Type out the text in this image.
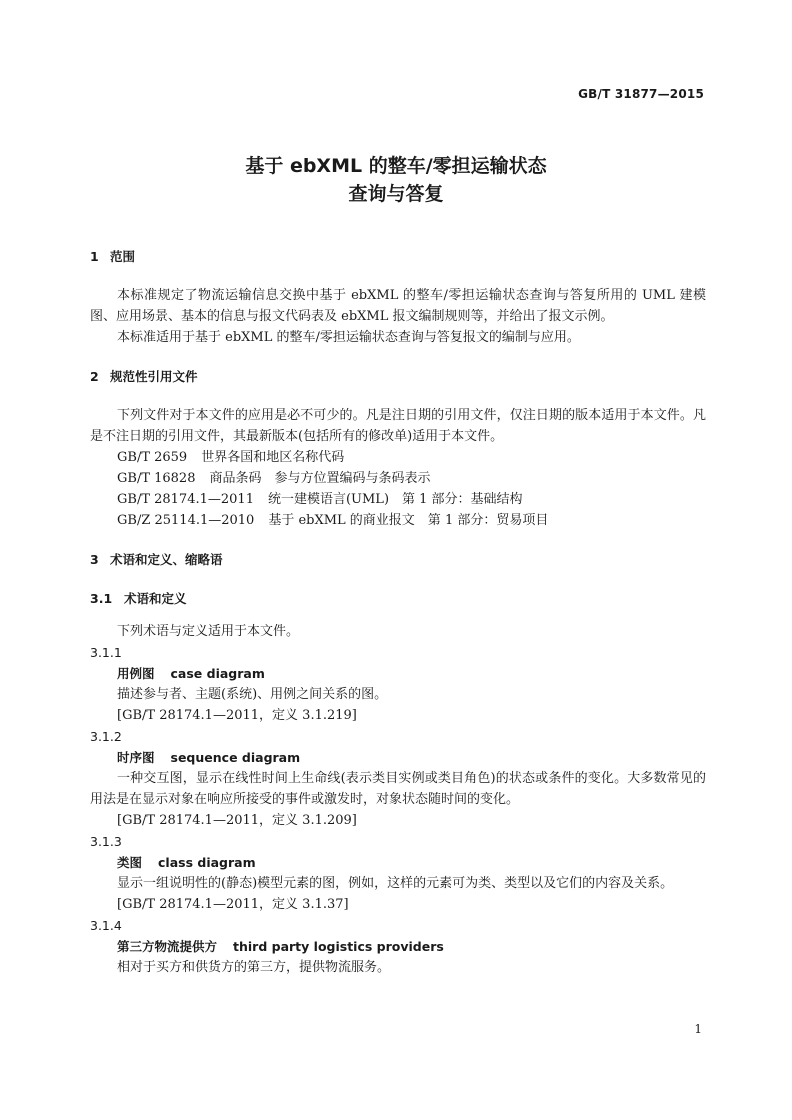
GB/T 31877—2015
基于 ebXML 的整车/零担运输状态
查询与答复
1 范围
本标准规定了物流运输信息交换中基于 ebXML 的整车/零担运输状态查询与答复所用的 UML 建模图、应用场景、基本的信息与报文代码表及 ebXML 报文编制规则等，并给出了报文示例。
本标准适用于基于 ebXML 的整车/零担运输状态查询与答复报文的编制与应用。
2 规范性引用文件
下列文件对于本文件的应用是必不可少的。凡是注日期的引用文件，仅注日期的版本适用于本文件。凡是不注日期的引用文件，其最新版本(包括所有的修改单)适用于本文件。
GB/T 2659 世界各国和地区名称代码
GB/T 16828 商品条码　参与方位置编码与条码表示
GB/T 28174.1—2011 统一建模语言(UML)　第 1 部分：基础结构
GB/Z 25114.1—2010 基于 ebXML 的商业报文　第 1 部分：贸易项目
3 术语和定义、缩略语
3.1 术语和定义
下列术语与定义适用于本文件。
3.1.1
用例图 case diagram
描述参与者、主题(系统)、用例之间关系的图。
[GB/T 28174.1—2011，定义 3.1.219]
3.1.2
时序图 sequence diagram
一种交互图，显示在线性时间上生命线(表示类目实例或类目角色)的状态或条件的变化。大多数常见的用法是在显示对象在响应所接受的事件或激发时，对象状态随时间的变化。
[GB/T 28174.1—2011，定义 3.1.209]
3.1.3
类图 class diagram
显示一组说明性的(静态)模型元素的图，例如，这样的元素可为类、类型以及它们的内容及关系。
[GB/T 28174.1—2011，定义 3.1.37]
3.1.4
第三方物流提供方 third party logistics providers
相对于买方和供货方的第三方，提供物流服务。
1
